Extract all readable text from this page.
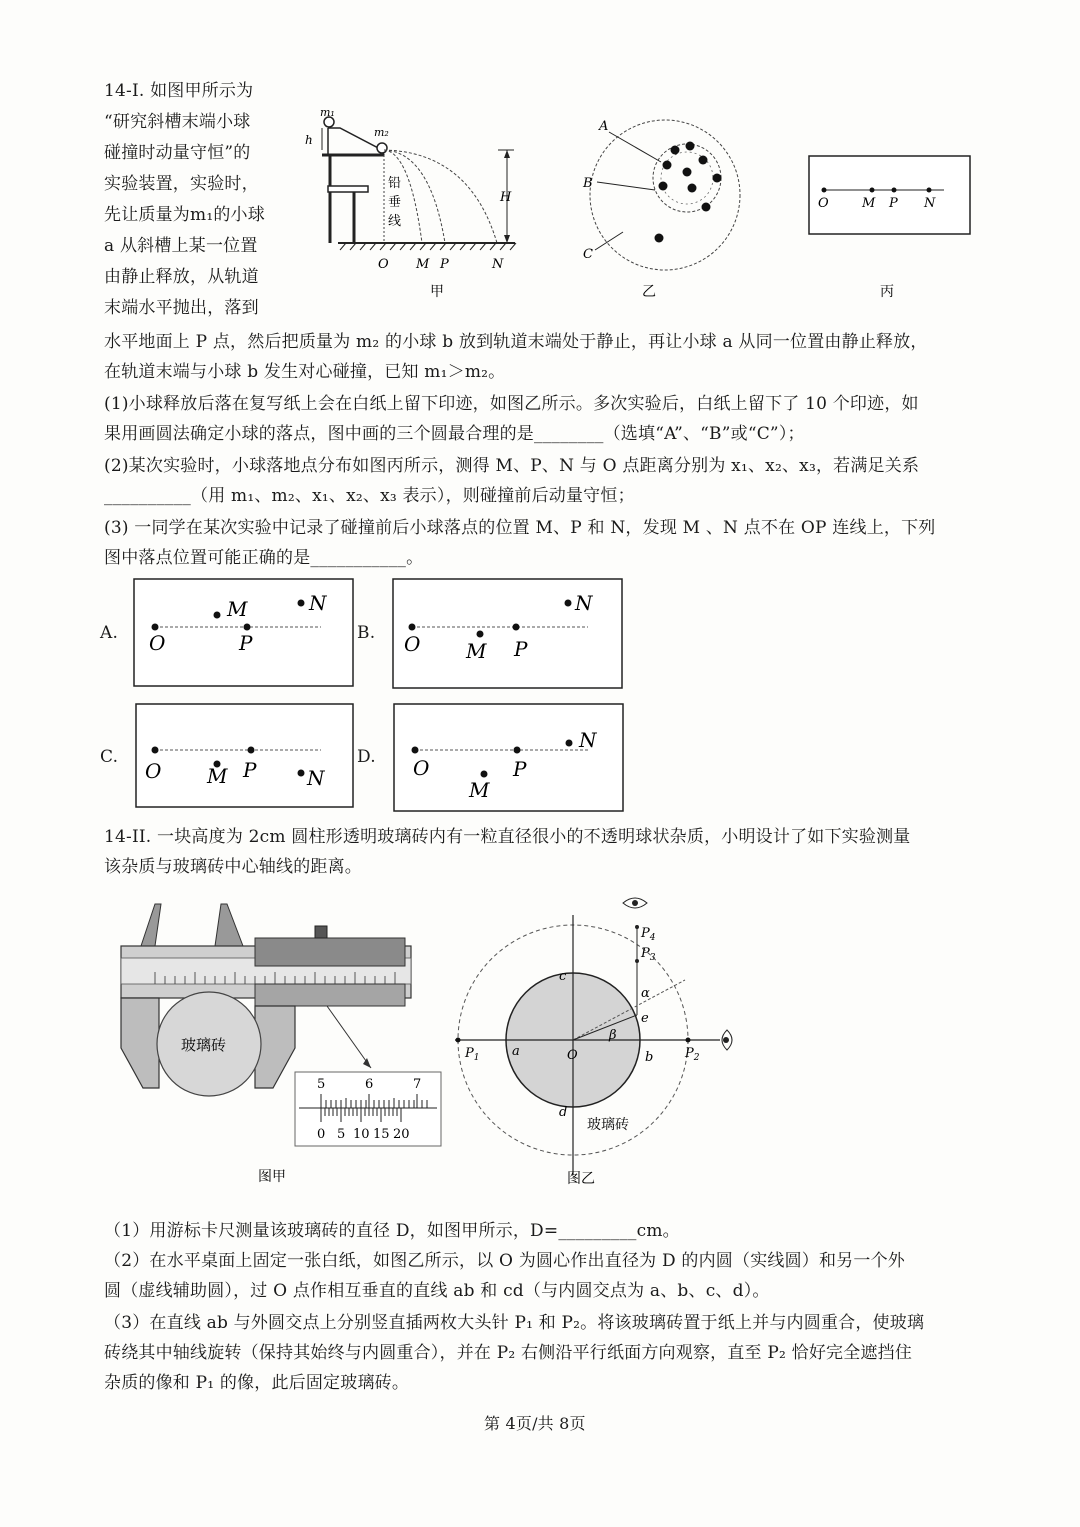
14-I. 如图甲所示为
“研究斜槽末端小球
碰撞时动量守恒”的
实验装置，实验时，
先让质量为m₁的小球
a 从斜槽上某一位置
由静止释放，从轨道
末端水平抛出，落到
m₁
m₂
h
铅
垂
线
H
O M P	N
甲
A
B
C
乙
O	M P N
丙
水平地面上 P 点，然后把质量为 m₂ 的小球 b 放到轨道末端处于静止，再让小球 a 从同一位置由静止释放，
在轨道末端与小球 b 发生对心碰撞，已知 m₁＞m₂。
(1)小球释放后落在复写纸上会在白纸上留下印迹，如图乙所示。多次实验后，白纸上留下了 10 个印迹，如
果用画圆法确定小球的落点，图中画的三个圆最合理的是________（选填“A”、“B”或“C”）；
(2)某次实验时，小球落地点分布如图丙所示，测得 M、P、N 与 O 点距离分别为 x₁、x₂、x₃，若满足关系
__________（用 m₁、m₂、x₁、x₂、x₃ 表示），则碰撞前后动量守恒；
(3) 一同学在某次实验中记录了碰撞前后小球落点的位置 M、P 和 N，发现 M 、N 点不在 OP 连线上，下列
图中落点位置可能正确的是___________。
A. O
M
P
N
B. O M P
N
C.
O M P	N
D. O
M
P
N
14-II. 一块高度为 2cm 圆柱形透明玻璃砖内有一粒直径很小的不透明球状杂质，小明设计了如下实验测量
该杂质与玻璃砖中心轴线的距离。
玻璃砖
5	6	7
0 5 10 15 20
图甲
c
d
a	b
O
e
α
β
$P_1$	$P_2$
$P_4$
$P_3$
玻璃砖
图乙
（1）用游标卡尺测量该玻璃砖的直径 D，如图甲所示，D=_________cm。
（2）在水平桌面上固定一张白纸，如图乙所示，以 O 为圆心作出直径为 D 的内圆（实线圆）和另一个外
圆（虚线辅助圆），过 O 点作相互垂直的直线 ab 和 cd（与内圆交点为 a、b、c、d）。
（3）在直线 ab 与外圆交点上分别竖直插两枚大头针 P₁ 和 P₂。将该玻璃砖置于纸上并与内圆重合，使玻璃
砖绕其中轴线旋转（保持其始终与内圆重合），并在 P₂ 右侧沿平行纸面方向观察，直至 P₂ 恰好完全遮挡住
杂质的像和 P₁ 的像，此后固定玻璃砖。
第 4页/共 8页
